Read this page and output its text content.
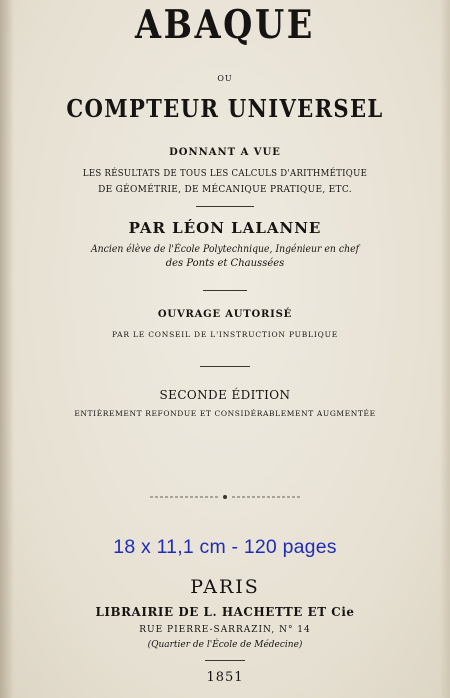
ABAQUE
OU
COMPTEUR UNIVERSEL
DONNANT A VUE
LES RÉSULTATS DE TOUS LES CALCULS D'ARITHMÉTIQUE
DE GÉOMÉTRIE, DE MÉCANIQUE PRATIQUE, ETC.
PAR LÉON LALANNE
Ancien élève de l'École Polytechnique, Ingénieur en chef
des Ponts et Chaussées
OUVRAGE AUTORISÉ
PAR LE CONSEIL DE L'INSTRUCTION PUBLIQUE
SECONDE ÉDITION
ENTIÈREMENT REFONDUE ET CONSIDÉRABLEMENT AUGMENTÉE
18 x 11,1 cm - 120 pages
PARIS
LIBRAIRIE DE L. HACHETTE ET Cie
RUE PIERRE-SARRAZIN, N° 14
(Quartier de l'École de Médecine)
1851
